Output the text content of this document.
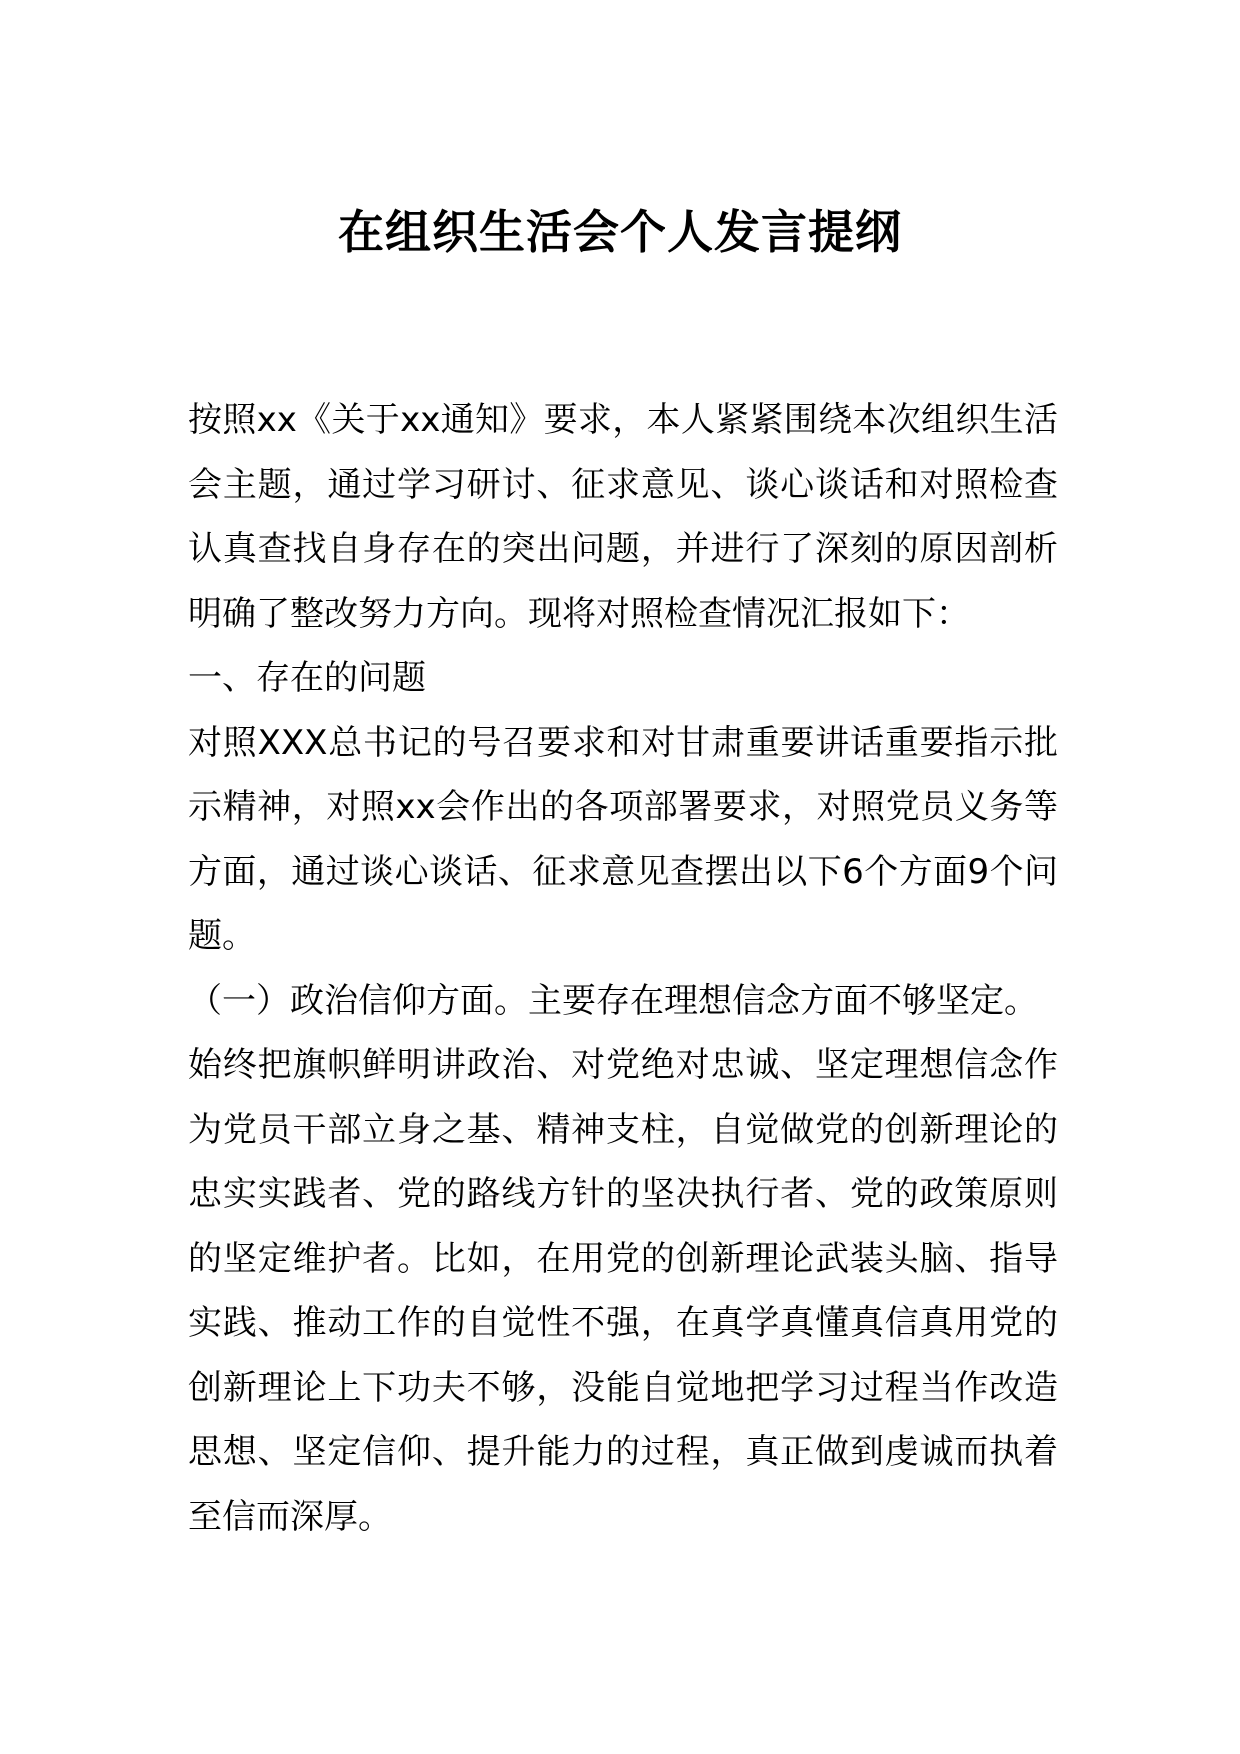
在组织生活会个人发言提纲

按照xx《关于xx通知》要求，本人紧紧围绕本次组织生活会主题，通过学习研讨、征求意见、谈心谈话和对照检查认真查找自身存在的突出问题，并进行了深刻的原因剖析明确了整改努力方向。现将对照检查情况汇报如下：

一、存在的问题

对照XXX总书记的号召要求和对甘肃重要讲话重要指示批示精神，对照xx会作出的各项部署要求，对照党员义务等方面，通过谈心谈话、征求意见查摆出以下6个方面9个问题。

（一）政治信仰方面。主要存在理想信念方面不够坚定。

始终把旗帜鲜明讲政治、对党绝对忠诚、坚定理想信念作为党员干部立身之基、精神支柱，自觉做党的创新理论的忠实实践者、党的路线方针的坚决执行者、党的政策原则的坚定维护者。比如，在用党的创新理论武装头脑、指导实践、推动工作的自觉性不强，在真学真懂真信真用党的创新理论上下功夫不够，没能自觉地把学习过程当作改造思想、坚定信仰、提升能力的过程，真正做到虔诚而执着至信而深厚。
